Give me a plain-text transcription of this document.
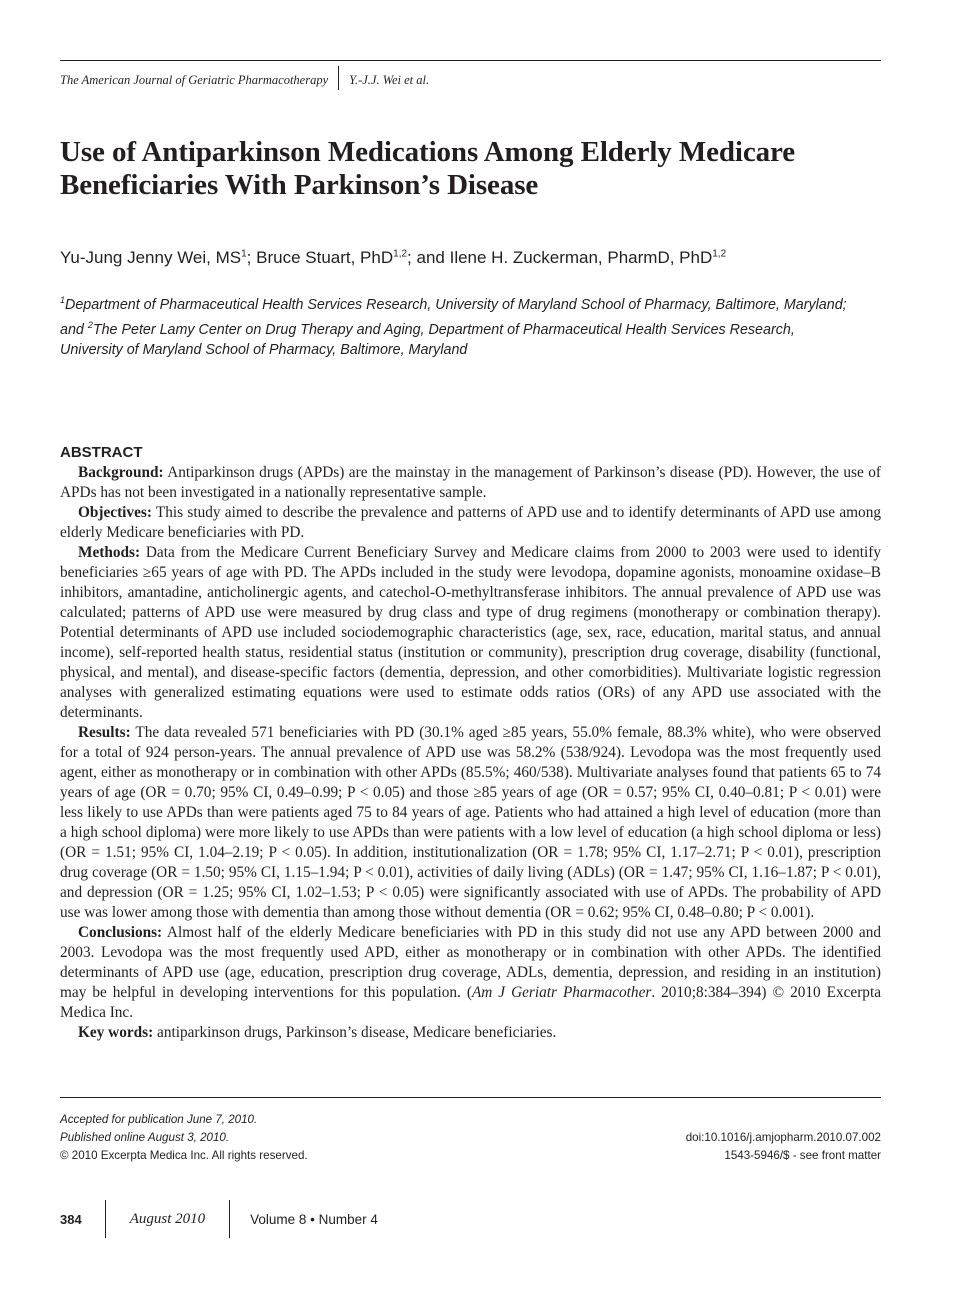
The American Journal of Geriatric Pharmacotherapy Y.-J.J. Wei et al.
Use of Antiparkinson Medications Among Elderly Medicare Beneficiaries With Parkinson’s Disease
Yu-Jung Jenny Wei, $MS^1$; Bruce Stuart, PhD$^{1,2}$; and Ilene H. Zuckerman, PharmD, PhD$^{1,2}$
$^1$Department of Pharmaceutical Health Services Research, University of Maryland School of Pharmacy, Baltimore, Maryland; and $^2$The Peter Lamy Center on Drug Therapy and Aging, Department of Pharmaceutical Health Services Research, University of Maryland School of Pharmacy, Baltimore, Maryland
ABSTRACT

Background: Antiparkinson drugs (APDs) are the mainstay in the management of Parkinson’s disease (PD). However, the use of APDs has not been investigated in a nationally representative sample.

Objectives: This study aimed to describe the prevalence and patterns of APD use and to identify determinants of APD use among elderly Medicare beneficiaries with PD.

Methods: Data from the Medicare Current Beneficiary Survey and Medicare claims from 2000 to 2003 were used to identify beneficiaries ≥65 years of age with PD. The APDs included in the study were levodopa, dopamine agonists, monoamine oxidase–B inhibitors, amantadine, anticholinergic agents, and catechol-O-methyltransferase inhibitors. The annual prevalence of APD use was calculated; patterns of APD use were measured by drug class and type of drug regimens (monotherapy or combination therapy). Potential determinants of APD use included sociodemographic characteristics (age, sex, race, education, marital status, and annual income), self-reported health status, residential status (institution or community), prescription drug coverage, disability (functional, physical, and mental), and disease-specific factors (dementia, depression, and other comorbidities). Multivariate logistic regression analyses with generalized estimating equations were used to estimate odds ratios (ORs) of any APD use associated with the determinants.

Results: The data revealed 571 beneficiaries with PD (30.1% aged ≥85 years, 55.0% female, 88.3% white), who were observed for a total of 924 person-years. The annual prevalence of APD use was 58.2% (538/924). Levodopa was the most frequently used agent, either as monotherapy or in combination with other APDs (85.5%; 460/538). Multivariate analyses found that patients 65 to 74 years of age (OR = 0.70; 95% CI, 0.49–0.99; P < 0.05) and those ≥85 years of age (OR = 0.57; 95% CI, 0.40–0.81; P < 0.01) were less likely to use APDs than were patients aged 75 to 84 years of age. Patients who had attained a high level of education (more than a high school diploma) were more likely to use APDs than were patients with a low level of education (a high school diploma or less) (OR = 1.51; 95% CI, 1.04–2.19; P < 0.05). In addition, institutionalization (OR = 1.78; 95% CI, 1.17–2.71; P < 0.01), prescription drug coverage (OR = 1.50; 95% CI, 1.15–1.94; P < 0.01), activities of daily living (ADLs) (OR = 1.47; 95% CI, 1.16–1.87; P < 0.01), and depression (OR = 1.25; 95% CI, 1.02–1.53; P < 0.05) were significantly associated with use of APDs. The probability of APD use was lower among those with dementia than among those without dementia (OR = 0.62; 95% CI, 0.48–0.80; P < 0.001).

Conclusions: Almost half of the elderly Medicare beneficiaries with PD in this study did not use any APD between 2000 and 2003. Levodopa was the most frequently used APD, either as monotherapy or in combination with other APDs. The identified determinants of APD use (age, education, prescription drug coverage, ADLs, dementia, depression, and residing in an institution) may be helpful in developing interventions for this population. (Am J Geriatr Pharmacother. 2010;8:384–394) © 2010 Excerpta Medica Inc.

Key words: antiparkinson drugs, Parkinson’s disease, Medicare beneficiaries.

Accepted for publication June 7, 2010.
Published online August 3, 2010.
© 2010 Excerpta Medica Inc. All rights reserved.
doi:10.1016/j.amjopharm.2010.07.002
1543-5946/$ - see front matter
384	August 2010	Volume 8 • Number 4
